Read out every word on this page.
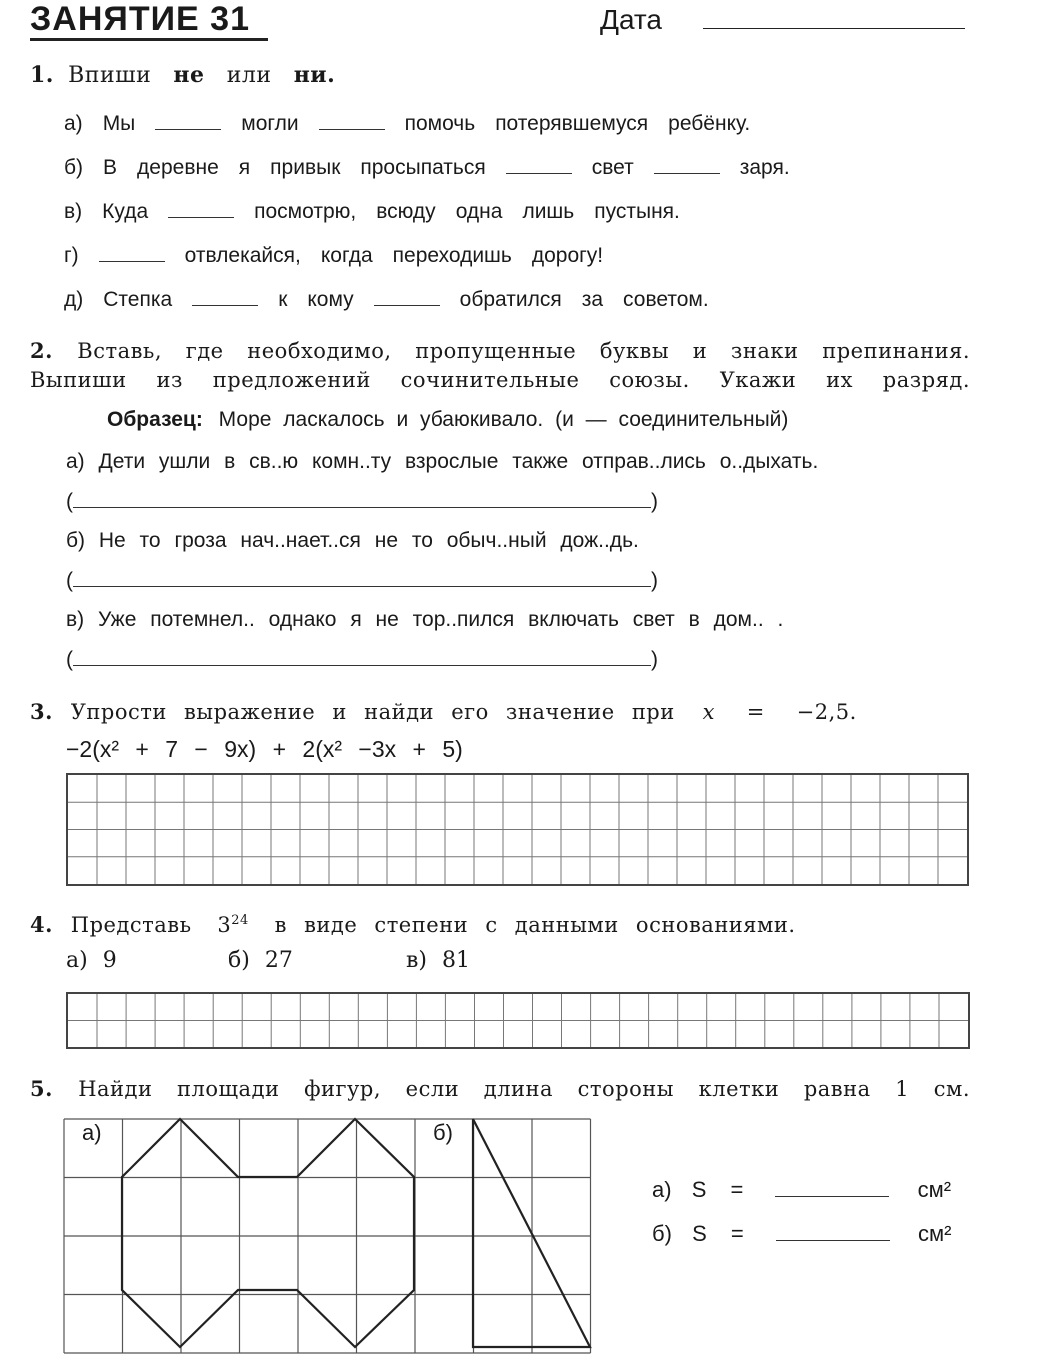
ЗАНЯТИЕ 31	Дата
1. Впиши не или ни.
а) Мы	могли	помочь потерявшемуся ребёнку.
б) В деревне я привык просыпаться	свет	заря.
в) Куда	посмотрю, всюду одна лишь пустыня.
г)	отвлекайся, когда переходишь дорогу!
д) Степка	к кому	обратился за советом.
2. Вставь, где необходимо, пропущенные буквы и знаки препинания.
Выпиши из предложений сочинительные союзы. Укажи их разряд.
Образец: Море ласкалось и убаюкивало. (и — соединительный)
а) Дети ушли в св..ю комн..ту взрослые также отправ..лись о..дыхать.
(	)
б) Не то гроза нач..нает..ся не то обыч..ный дож..дь.
(	)
в) Уже потемнел.. однако я не тор..пился включать свет в дом.. .
(	)
3. Упрости выражение и найди его значение при x = −2,5.
−2(x² + 7 − 9x) + 2(x² −3x + 5)
4. Представь $3^{24}$ в виде степени с данными основаниями.
а) 9	б) 27	в) 81
5. Найди площади фигур, если длина стороны клетки равна 1 см.
а)	б)
а) S =	см²
б) S =	см²
